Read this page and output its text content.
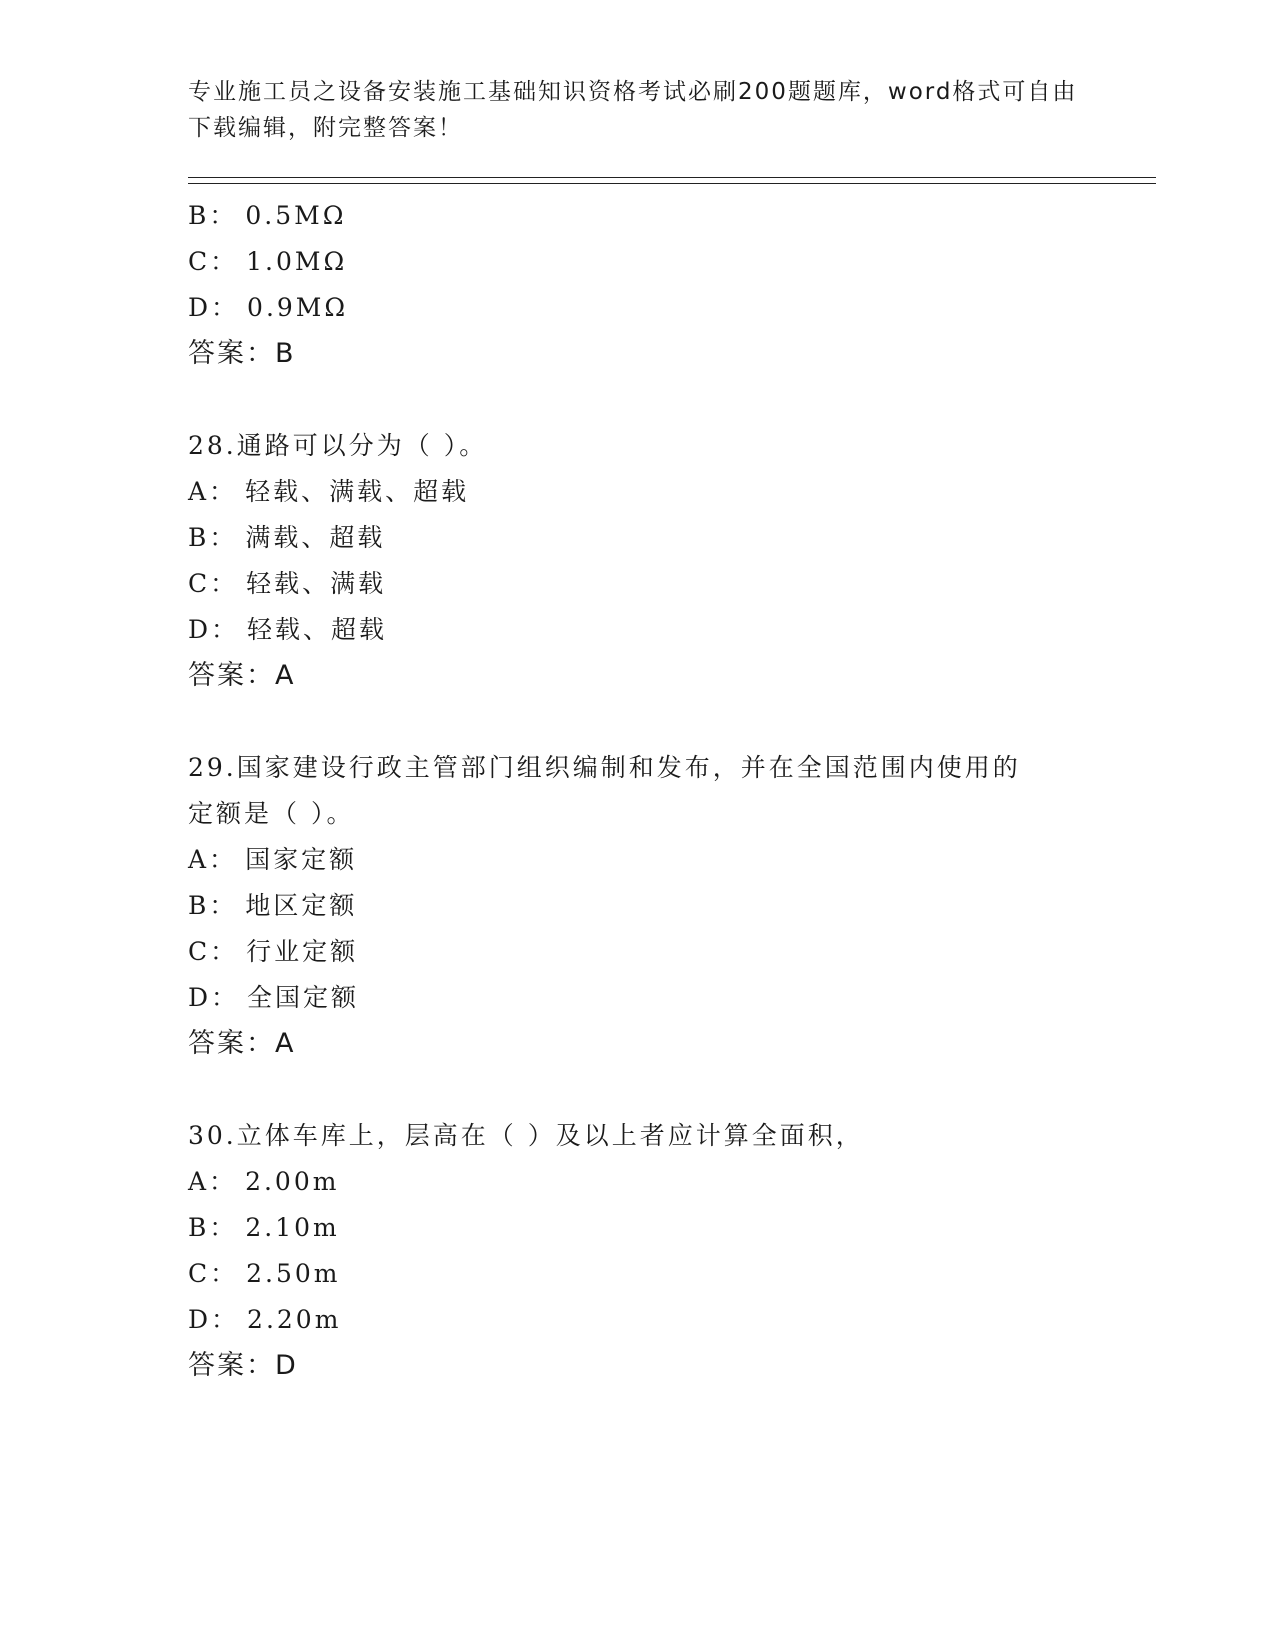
专业施工员之设备安装施工基础知识资格考试必刷200题题库，word格式可自由下载编辑，附完整答案！
B： 0.5MΩ
C： 1.0MΩ
D： 0.9MΩ
答案：B
28.通路可以分为（ ）。
A： 轻载、满载、超载
B： 满载、超载
C： 轻载、满载
D： 轻载、超载
答案：A
29.国家建设行政主管部门组织编制和发布，并在全国范围内使用的定额是（ ）。
A： 国家定额
B： 地区定额
C： 行业定额
D： 全国定额
答案：A
30.立体车库上，层高在（ ）及以上者应计算全面积，
A： 2.00m
B： 2.10m
C： 2.50m
D： 2.20m
答案：D
